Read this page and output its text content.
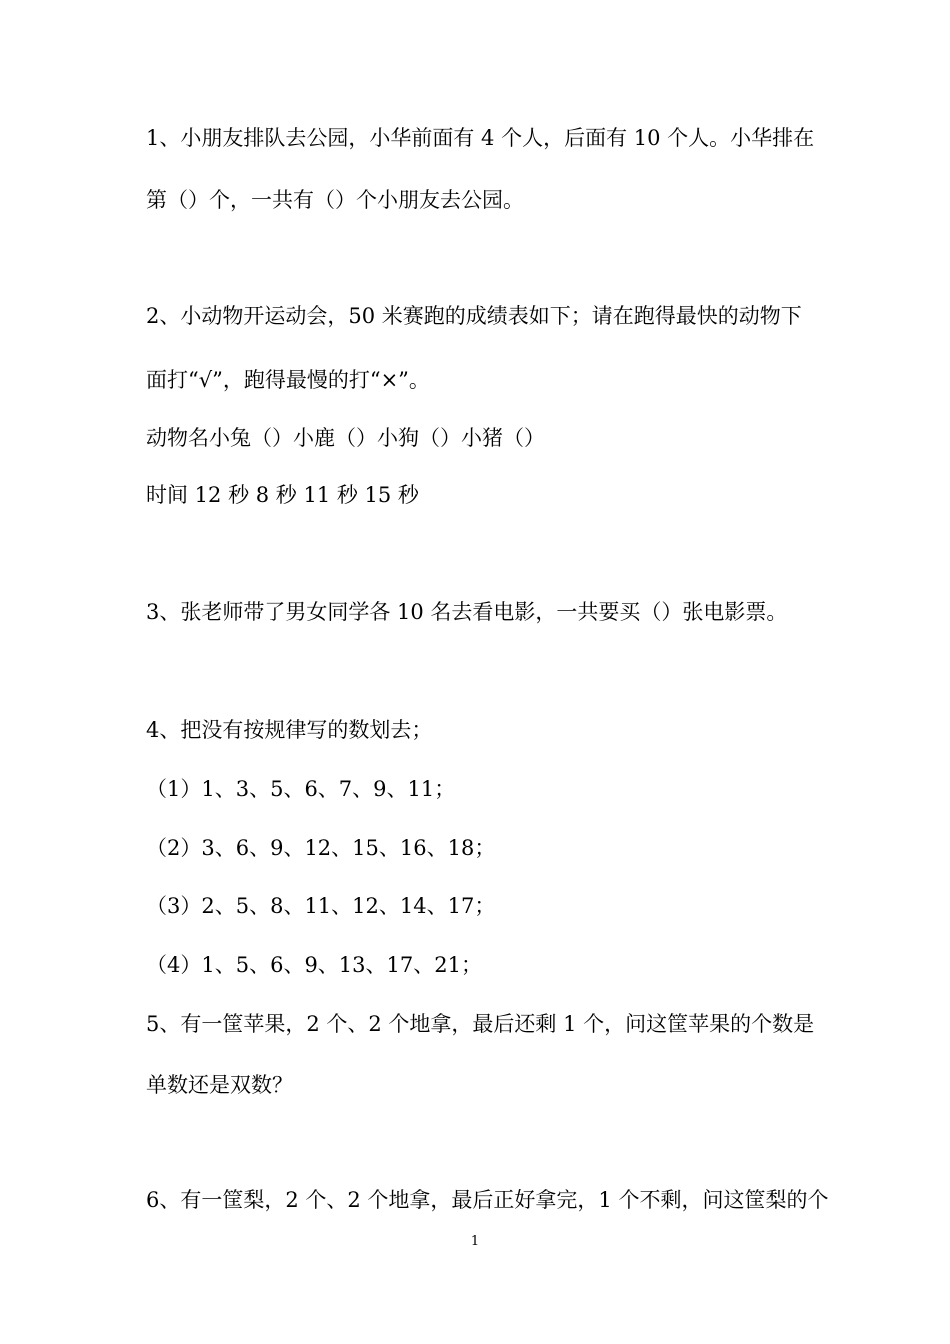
1、小朋友排队去公园，小华前面有 4 个人，后面有 10 个人。小华排在
第（）个，一共有（）个小朋友去公园。
2、小动物开运动会，50 米赛跑的成绩表如下；请在跑得最快的动物下
面打“√”，跑得最慢的打“×”。
动物名小兔（）小鹿（）小狗（）小猪（）
时间 12 秒 8 秒 11 秒 15 秒
3、张老师带了男女同学各 10 名去看电影，一共要买（）张电影票。
4、把没有按规律写的数划去；
（1）1、3、5、6、7、9、11；
（2）3、6、9、12、15、16、18；
（3）2、5、8、11、12、14、17；
（4）1、5、6、9、13、17、21；
5、有一筐苹果，2 个、2 个地拿，最后还剩 1 个，问这筐苹果的个数是
单数还是双数？
6、有一筐梨，2 个、2 个地拿，最后正好拿完，1 个不剩，问这筐梨的个
1
